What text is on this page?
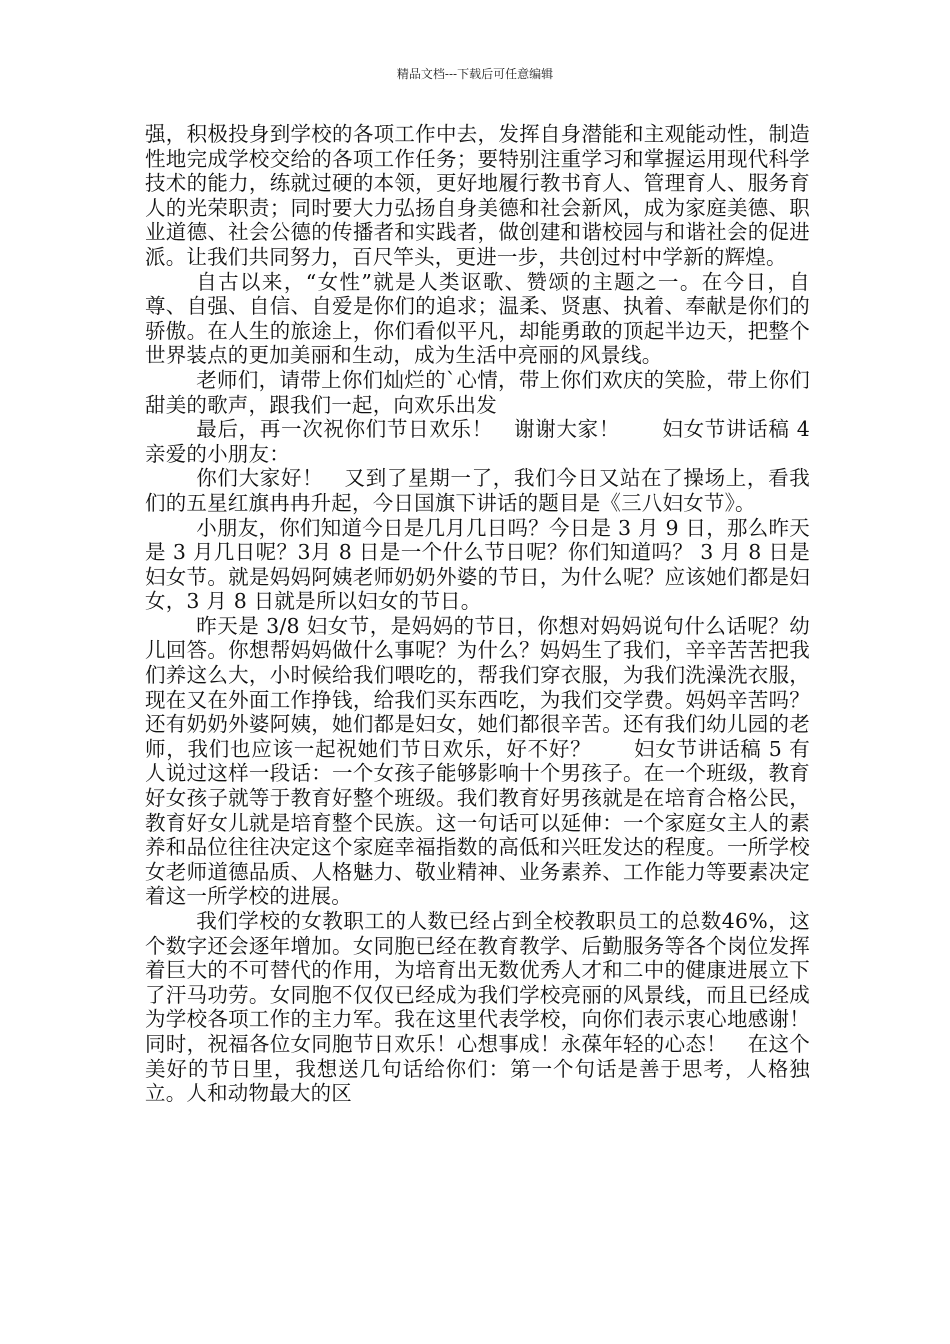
精品文档---下载后可任意编辑

强，积极投身到学校的各项工作中去，发挥自身潜能和主观能动性，制造性地完成学校交给的各项工作任务；要特别注重学习和掌握运用现代科学技术的能力，练就过硬的本领，更好地履行教书育人、管理育人、服务育人的光荣职责；同时要大力弘扬自身美德和社会新风，成为家庭美德、职业道德、社会公德的传播者和实践者，做创建和谐校园与和谐社会的促进派。让我们共同努力，百尺竿头，更进一步，共创过村中学新的辉煌。

自古以来，“女性”就是人类讴歌、赞颂的主题之一。在今日，自尊、自强、自信、自爱是你们的追求；温柔、贤惠、执着、奉献是你们的骄傲。在人生的旅途上，你们看似平凡，却能勇敢的顶起半边天，把整个世界装点的更加美丽和生动，成为生活中亮丽的风景线。

老师们，请带上你们灿烂的`心情，带上你们欢庆的笑脸，带上你们甜美的歌声，跟我们一起，向欢乐出发

最后，再一次祝你们节日欢乐！　谢谢大家！　　妇女节讲话稿 4　 亲爱的小朋友：

你们大家好！　又到了星期一了，我们今日又站在了操场上，看我们的五星红旗冉冉升起，今日国旗下讲话的题目是《三八妇女节》。

小朋友，你们知道今日是几月几日吗？今日是 3 月 9 日，那么昨天是 3 月几日呢？3月 8 日是一个什么节日呢？你们知道吗？ 3 月 8 日是妇女节。就是妈妈阿姨老师奶奶外婆的节日，为什么呢？应该她们都是妇女，3 月 8 日就是所以妇女的节日。

昨天是 3/8 妇女节，是妈妈的节日，你想对妈妈说句什么话呢？幼儿回答。你想帮妈妈做什么事呢？为什么？妈妈生了我们，辛辛苦苦把我们养这么大，小时候给我们喂吃的，帮我们穿衣服，为我们洗澡洗衣服，现在又在外面工作挣钱，给我们买东西吃，为我们交学费。妈妈辛苦吗？　还有奶奶外婆阿姨，她们都是妇女，她们都很辛苦。还有我们幼儿园的老师，我们也应该一起祝她们节日欢乐，好不好？　　妇女节讲话稿 5 有人说过这样一段话：一个女孩子能够影响十个男孩子。在一个班级，教育好女孩子就等于教育好整个班级。我们教育好男孩就是在培育合格公民，教育好女儿就是培育整个民族。这一句话可以延伸：一个家庭女主人的素养和品位往往决定这个家庭幸福指数的高低和兴旺发达的程度。一所学校女老师道德品质、人格魅力、敬业精神、业务素养、工作能力等要素决定着这一所学校的进展。

我们学校的女教职工的人数已经占到全校教职员工的总数46%，这个数字还会逐年增加。女同胞已经在教育教学、后勤服务等各个岗位发挥着巨大的不可替代的作用，为培育出无数优秀人才和二中的健康进展立下了汗马功劳。女同胞不仅仅已经成为我们学校亮丽的风景线，而且已经成为学校各项工作的主力军。我在这里代表学校，向你们表示衷心地感谢！同时，祝福各位女同胞节日欢乐！心想事成！永葆年轻的心态！　在这个美好的节日里，我想送几句话给你们：第一个句话是善于思考，人格独立。人和动物最大的区
